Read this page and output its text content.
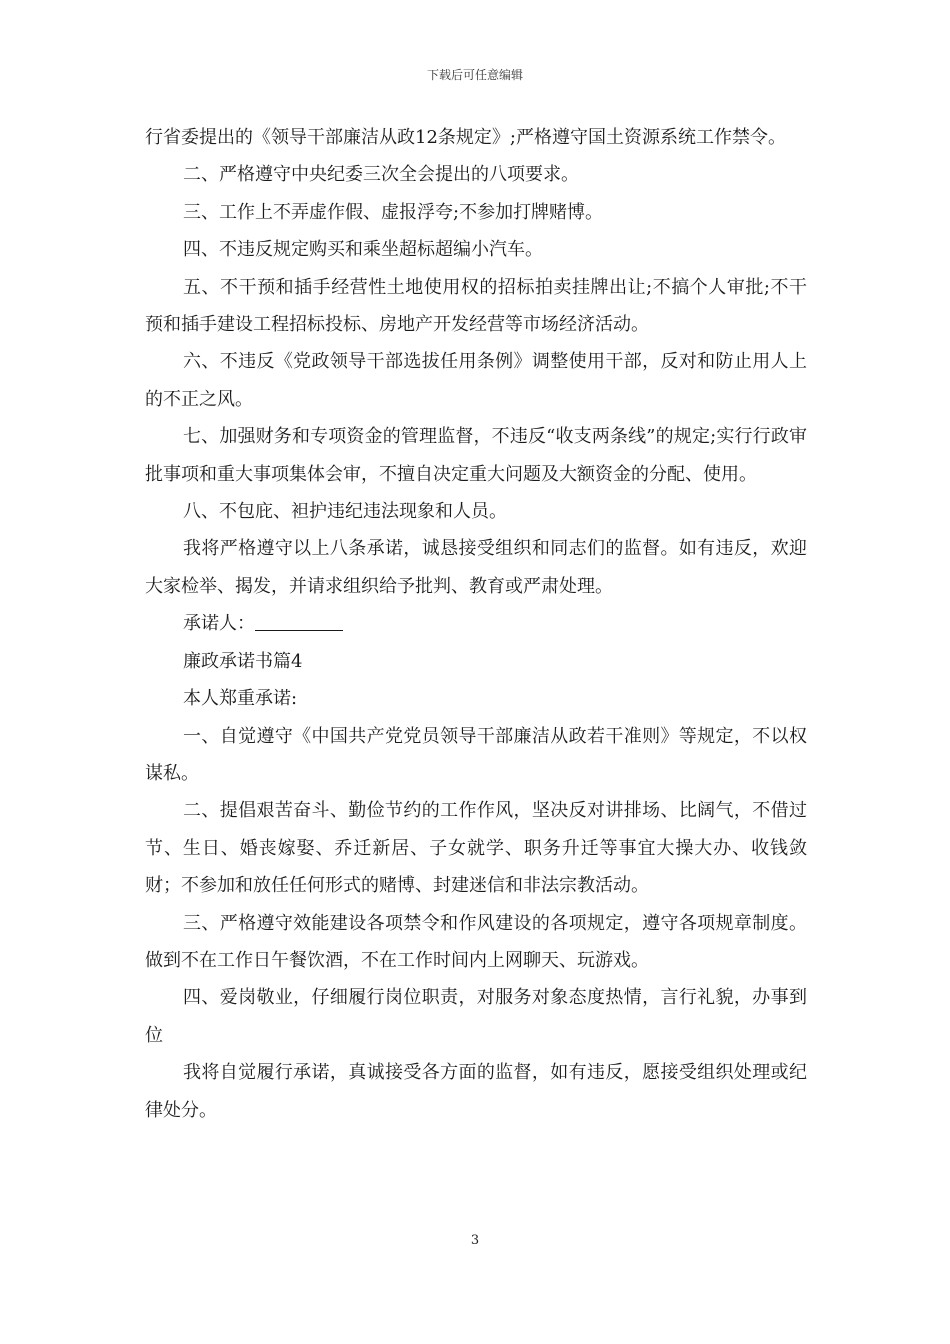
下载后可任意编辑

行省委提出的《领导干部廉洁从政12条规定》;严格遵守国土资源系统工作禁令。

二、严格遵守中央纪委三次全会提出的八项要求。

三、工作上不弄虚作假、虚报浮夸;不参加打牌赌博。

四、不违反规定购买和乘坐超标超编小汽车。

五、不干预和插手经营性土地使用权的招标拍卖挂牌出让;不搞个人审批;不干预和插手建设工程招标投标、房地产开发经营等市场经济活动。

六、不违反《党政领导干部选拔任用条例》调整使用干部，反对和防止用人上的不正之风。

七、加强财务和专项资金的管理监督，不违反“收支两条线”的规定;实行行政审批事项和重大事项集体会审，不擅自决定重大问题及大额资金的分配、使用。

八、不包庇、袒护违纪违法现象和人员。

我将严格遵守以上八条承诺，诚恳接受组织和同志们的监督。如有违反，欢迎大家检举、揭发，并请求组织给予批判、教育或严肃处理。

承诺人：

廉政承诺书篇4

本人郑重承诺:

一、自觉遵守《中国共产党党员领导干部廉洁从政若干准则》等规定，不以权谋私。

二、提倡艰苦奋斗、勤俭节约的工作作风，坚决反对讲排场、比阔气，不借过节、生日、婚丧嫁娶、乔迁新居、子女就学、职务升迁等事宜大操大办、收钱敛财；不参加和放任任何形式的赌博、封建迷信和非法宗教活动。

三、严格遵守效能建设各项禁令和作风建设的各项规定，遵守各项规章制度。做到不在工作日午餐饮酒，不在工作时间内上网聊天、玩游戏。

四、爱岗敬业，仔细履行岗位职责，对服务对象态度热情，言行礼貌，办事到位

我将自觉履行承诺，真诚接受各方面的监督，如有违反，愿接受组织处理或纪律处分。

3
